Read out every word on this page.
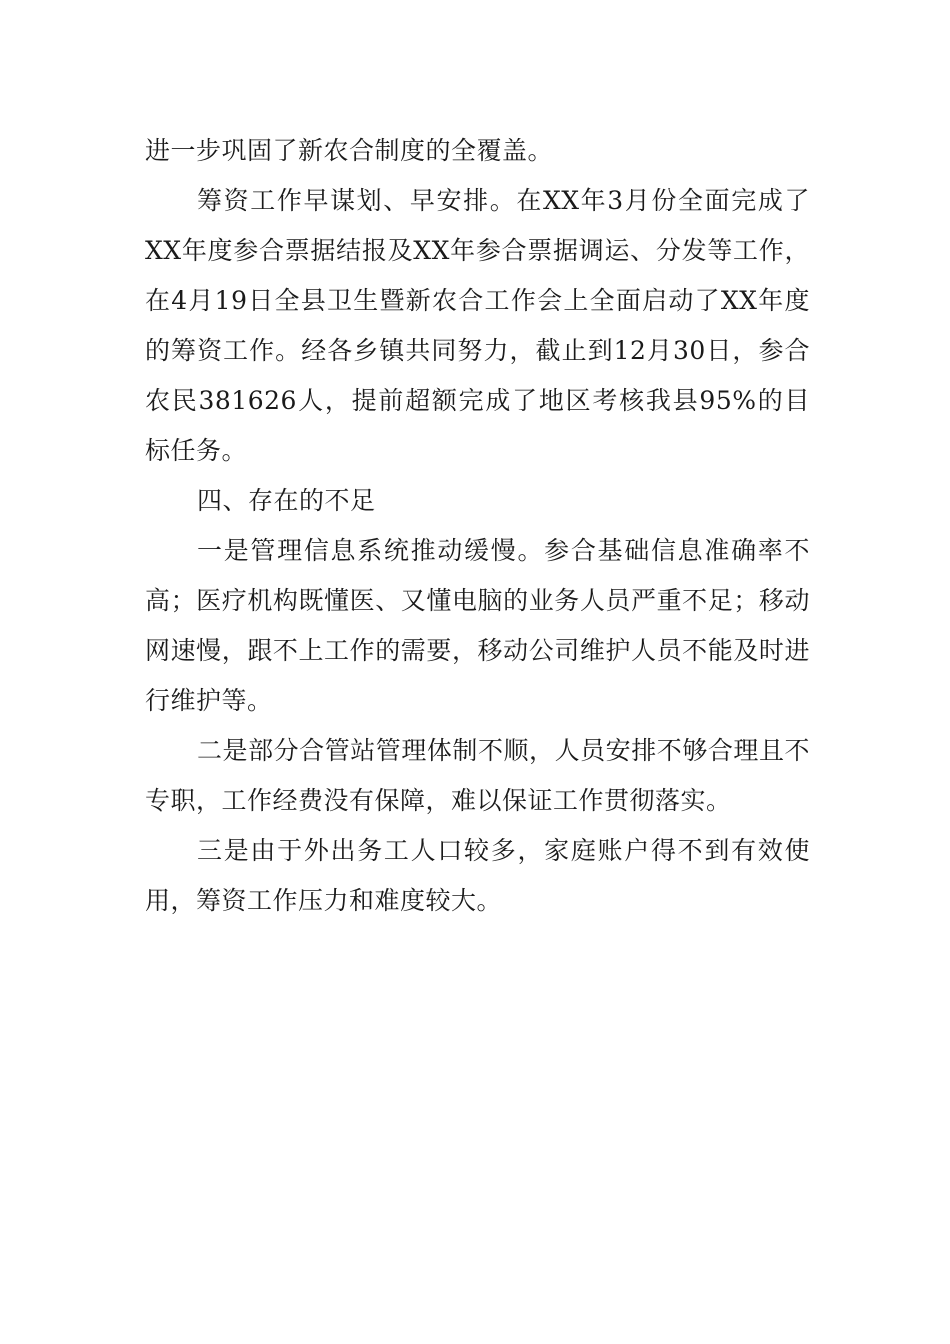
进一步巩固了新农合制度的全覆盖。

筹资工作早谋划、早安排。在XX年3月份全面完成了XX年度参合票据结报及XX年参合票据调运、分发等工作，在4月19日全县卫生暨新农合工作会上全面启动了XX年度的筹资工作。经各乡镇共同努力，截止到12月30日，参合农民381626人，提前超额完成了地区考核我县95%的目标任务。

四、存在的不足

一是管理信息系统推动缓慢。参合基础信息准确率不高；医疗机构既懂医、又懂电脑的业务人员严重不足；移动网速慢，跟不上工作的需要，移动公司维护人员不能及时进行维护等。

二是部分合管站管理体制不顺，人员安排不够合理且不专职，工作经费没有保障，难以保证工作贯彻落实。

三是由于外出务工人口较多，家庭账户得不到有效使用，筹资工作压力和难度较大。
